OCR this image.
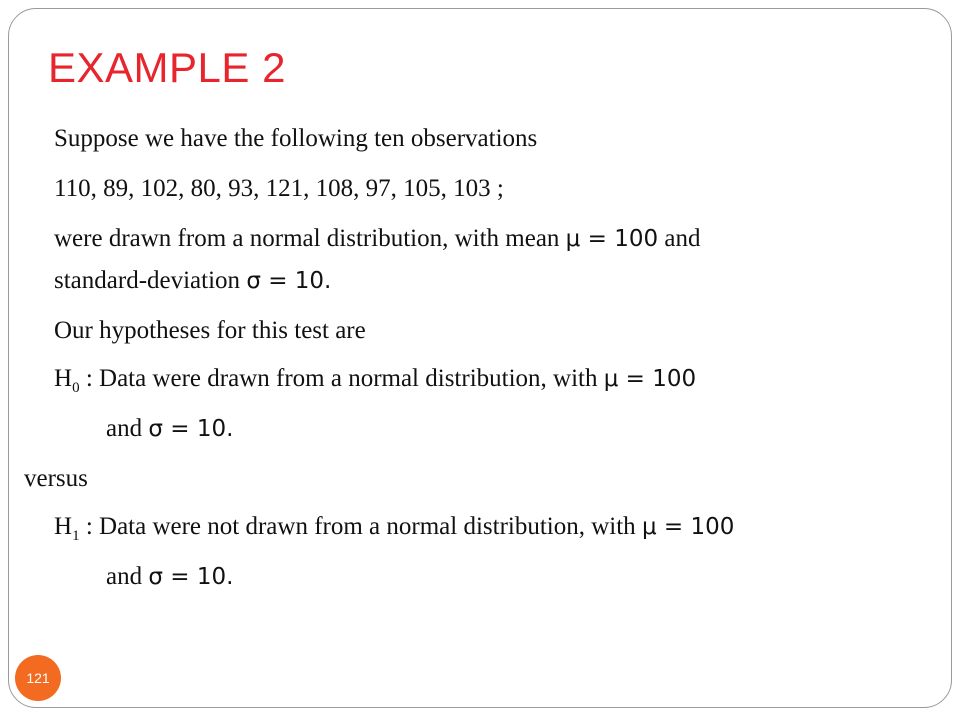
EXAMPLE 2
Suppose we have the following ten observations
110, 89, 102, 80, 93, 121, 108, 97, 105, 103 ;
were drawn from a normal distribution, with mean μ = 100 and
standard-deviation σ = 10.
Our hypotheses for this test are
$H_0$ : Data were drawn from a normal distribution, with μ = 100
and σ = 10.
versus
$H_1$ : Data were not drawn from a normal distribution, with μ = 100
and σ = 10.
121
